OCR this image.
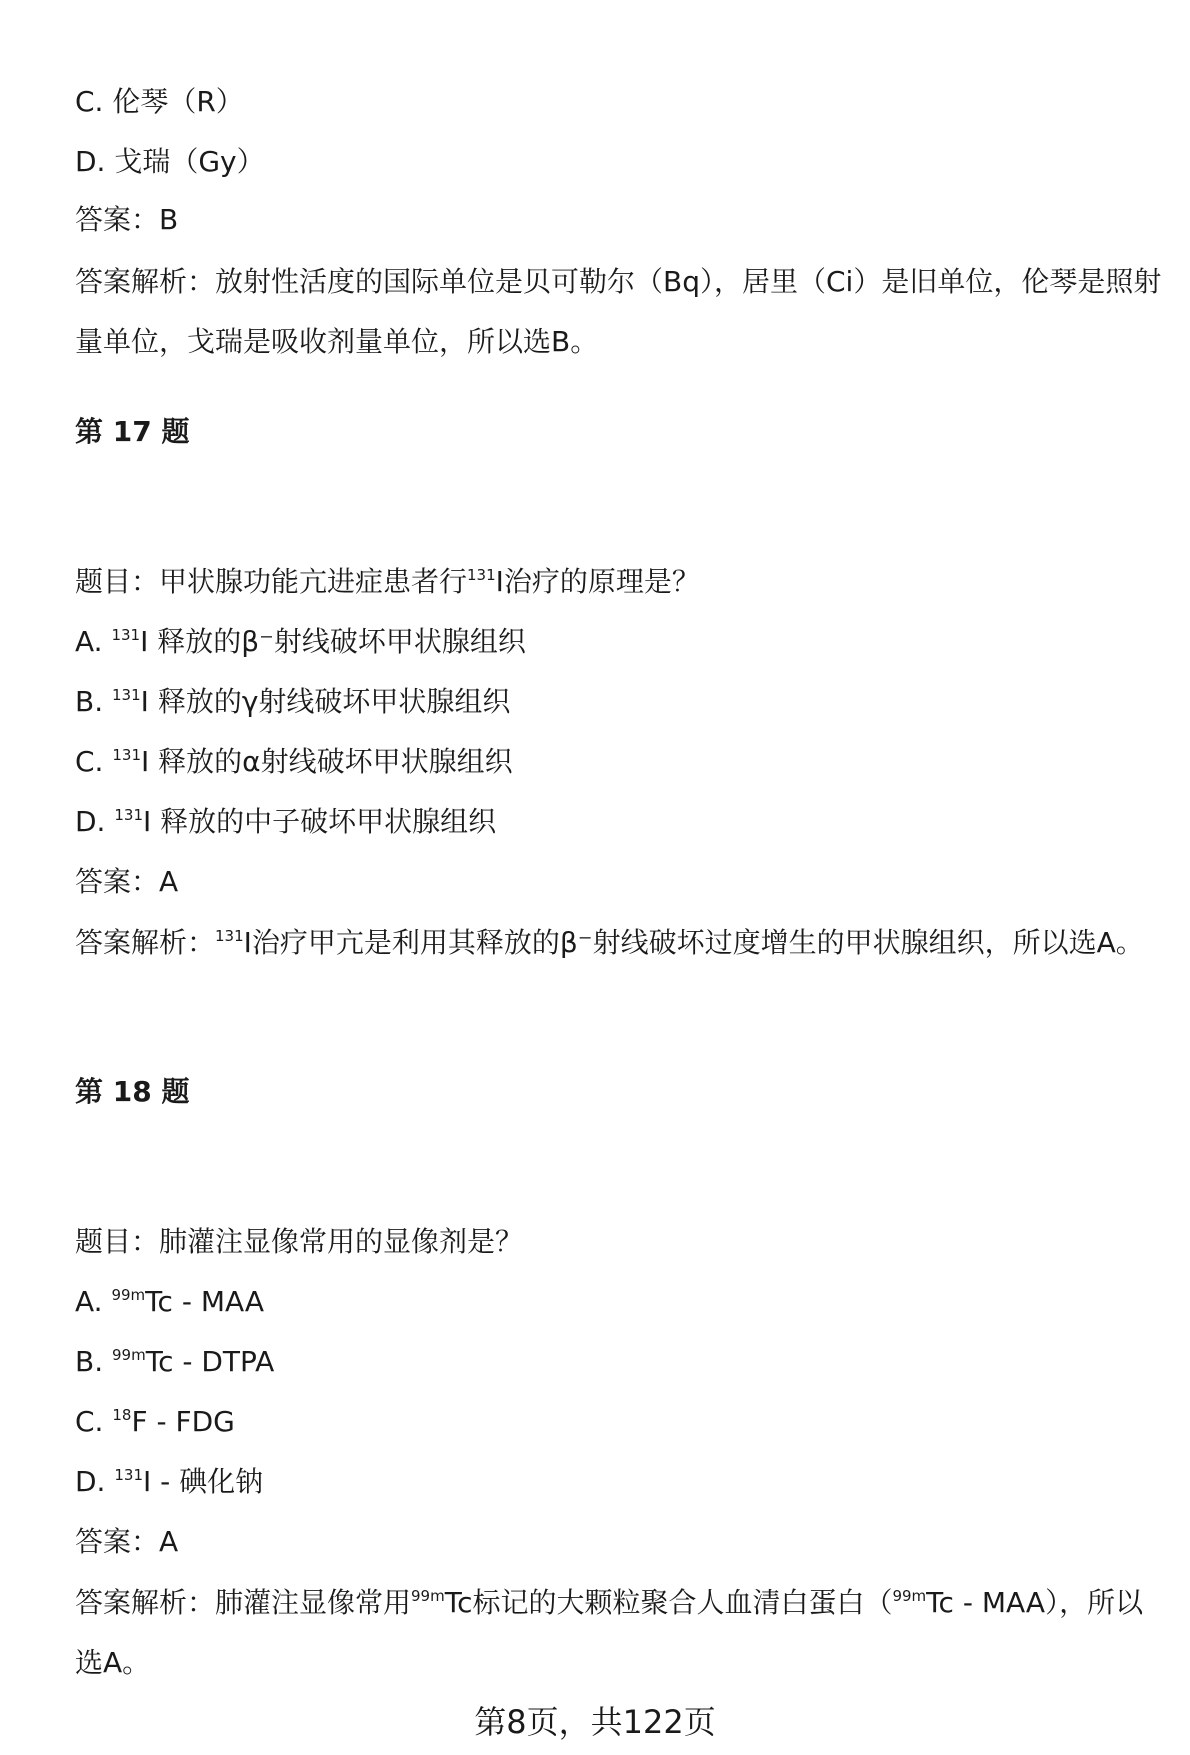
C. 伦琴（R）
D. 戈瑞（Gy）
答案：B
答案解析：放射性活度的国际单位是贝可勒尔（Bq），居里（Ci）是旧单位，伦琴是照射量单位，戈瑞是吸收剂量单位，所以选B。
第 17 题
题目：甲状腺功能亢进症患者行$^{131}$I治疗的原理是？
A. $^{131}$I 释放的β⁻射线破坏甲状腺组织
B. $^{131}$I 释放的γ射线破坏甲状腺组织
C. $^{131}$I 释放的α射线破坏甲状腺组织
D. $^{131}$I 释放的中子破坏甲状腺组织
答案：A
答案解析：$^{131}$I治疗甲亢是利用其释放的β⁻射线破坏过度增生的甲状腺组织，所以选A。
第 18 题
题目：肺灌注显像常用的显像剂是？
A. $^{99m}$Tc - MAA
B. $^{99m}$Tc - DTPA
C. $^{18}$F - FDG
D. $^{131}$I - 碘化钠
答案：A
答案解析：肺灌注显像常用$^{99m}$Tc标记的大颗粒聚合人血清白蛋白（$^{99m}$Tc - MAA），所以选A。
第8页，共122页
